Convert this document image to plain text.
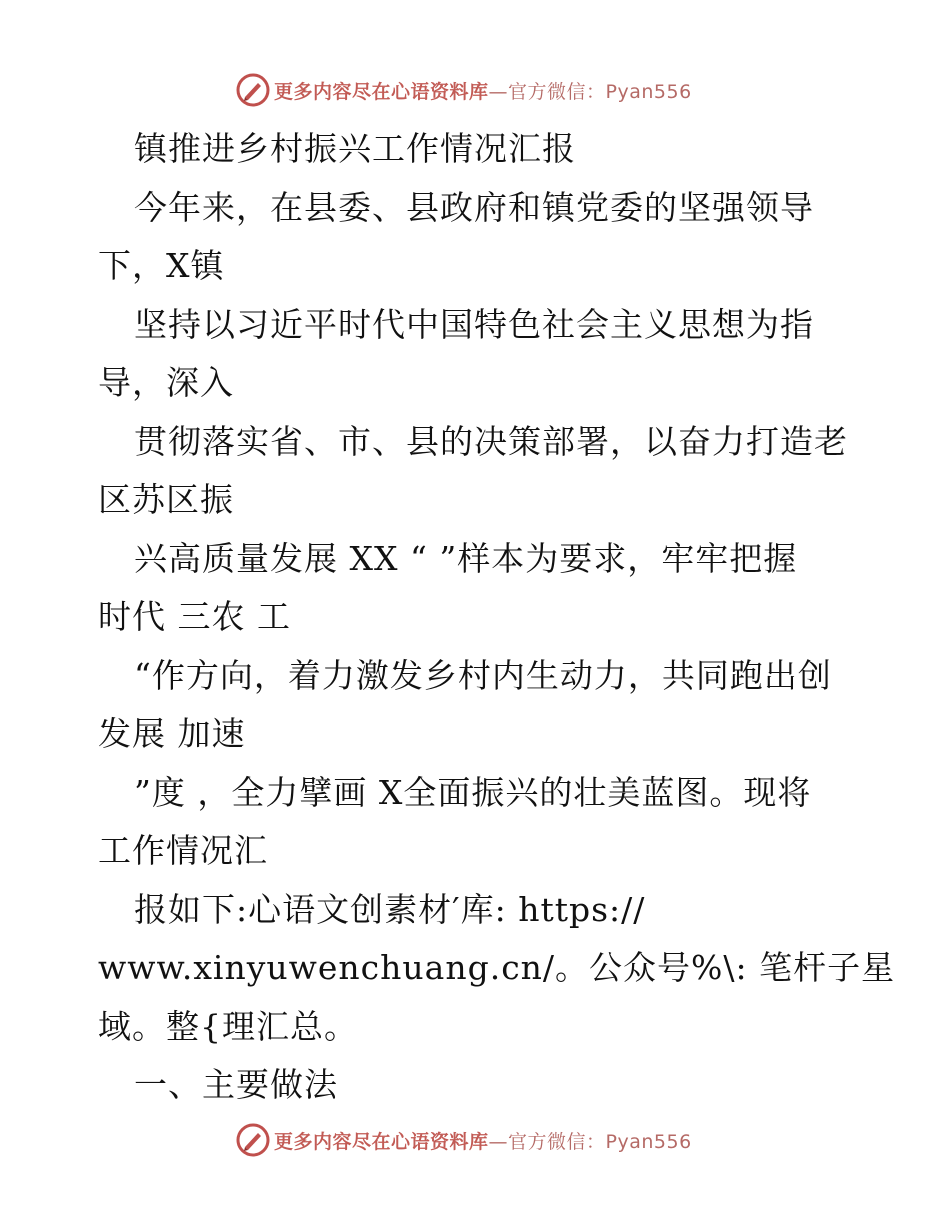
更多内容尽在心语资料库 —官方微信：Pyan556
镇推进乡村振兴工作情况汇报
今年来，在县委、县政府和镇党委的坚强领导
下，X镇
坚持以习近平时代中国特色社会主义思想为指
导，深入
贯彻落实省、市、县的决策部署，以奋力打造老
区苏区振
兴高质量发展 XX “ ”样本为要求，牢牢把握
时代 三农 工
“作方向，着力激发乡村内生动力，共同跑出创
发展 加速
”度 ，全力擘画 X全面振兴的壮美蓝图。现将
工作情况汇
报如下:心语文创素材′库: https://
www.xinyuwenchuang.cn/。公众号%\: 笔杆子星
域。整{理汇总。
一、主要做法
更多内容尽在心语资料库 —官方微信：Pyan556
